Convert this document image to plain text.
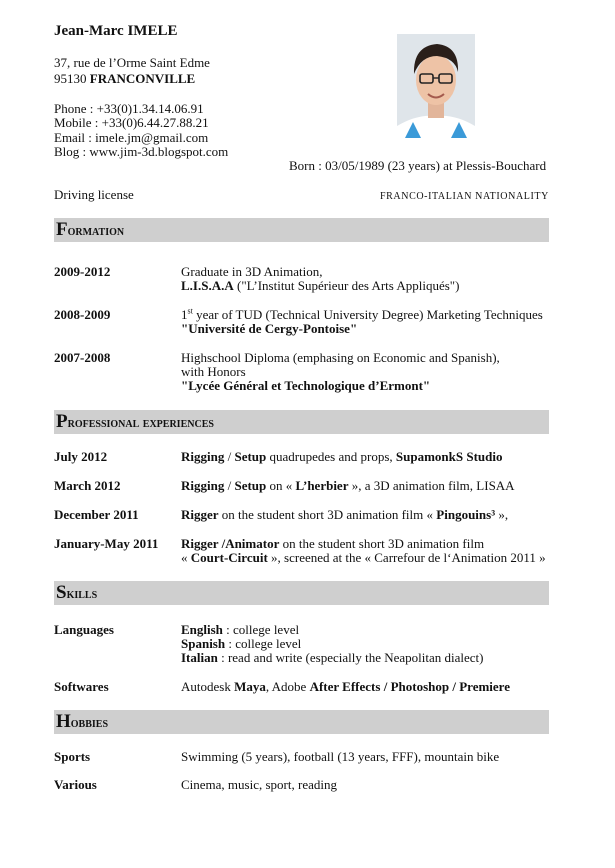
Jean-Marc IMELE
37, rue de l’Orme Saint Edme
95130 FRANCONVILLE
Phone : +33(0)1.34.14.06.91
Mobile : +33(0)6.44.27.88.21
Email : imele.jm@gmail.com
Blog : www.jim-3d.blogspot.com
Born : 03/05/1989 (23 years) at Plessis-Bouchard
Driving license	FRANCO-ITALIAN NATIONALITY
Formation
2009-2012	Graduate in 3D Animation,
L.I.S.A.A ("L’Institut Supérieur des Arts Appliqués")
2008-2009	1st year of TUD (Technical University Degree) Marketing Techniques
"Université de Cergy-Pontoise"
2007-2008	Highschool Diploma (emphasing on Economic and Spanish),
with Honors
"Lycée Général et Technologique d’Ermont"
Professional experiences
July 2012	Rigging / Setup quadrupedes and props, SupamonkS Studio
March 2012	Rigging / Setup on « L’herbier », a 3D animation film, LISAA
December 2011	Rigger on the student short 3D animation film « Pingouins³ »,
January-May 2011 Rigger /Animator on the student short 3D animation film
« Court-Circuit », screened at the « Carrefour de l‘Animation 2011 »
Skills
Languages	English : college level
Spanish : college level
Italian : read and write (especially the Neapolitan dialect)
Softwares	Autodesk Maya, Adobe After Effects / Photoshop / Premiere
Hobbies
Sports	Swimming (5 years), football (13 years, FFF), mountain bike
Various	Cinema, music, sport, reading
